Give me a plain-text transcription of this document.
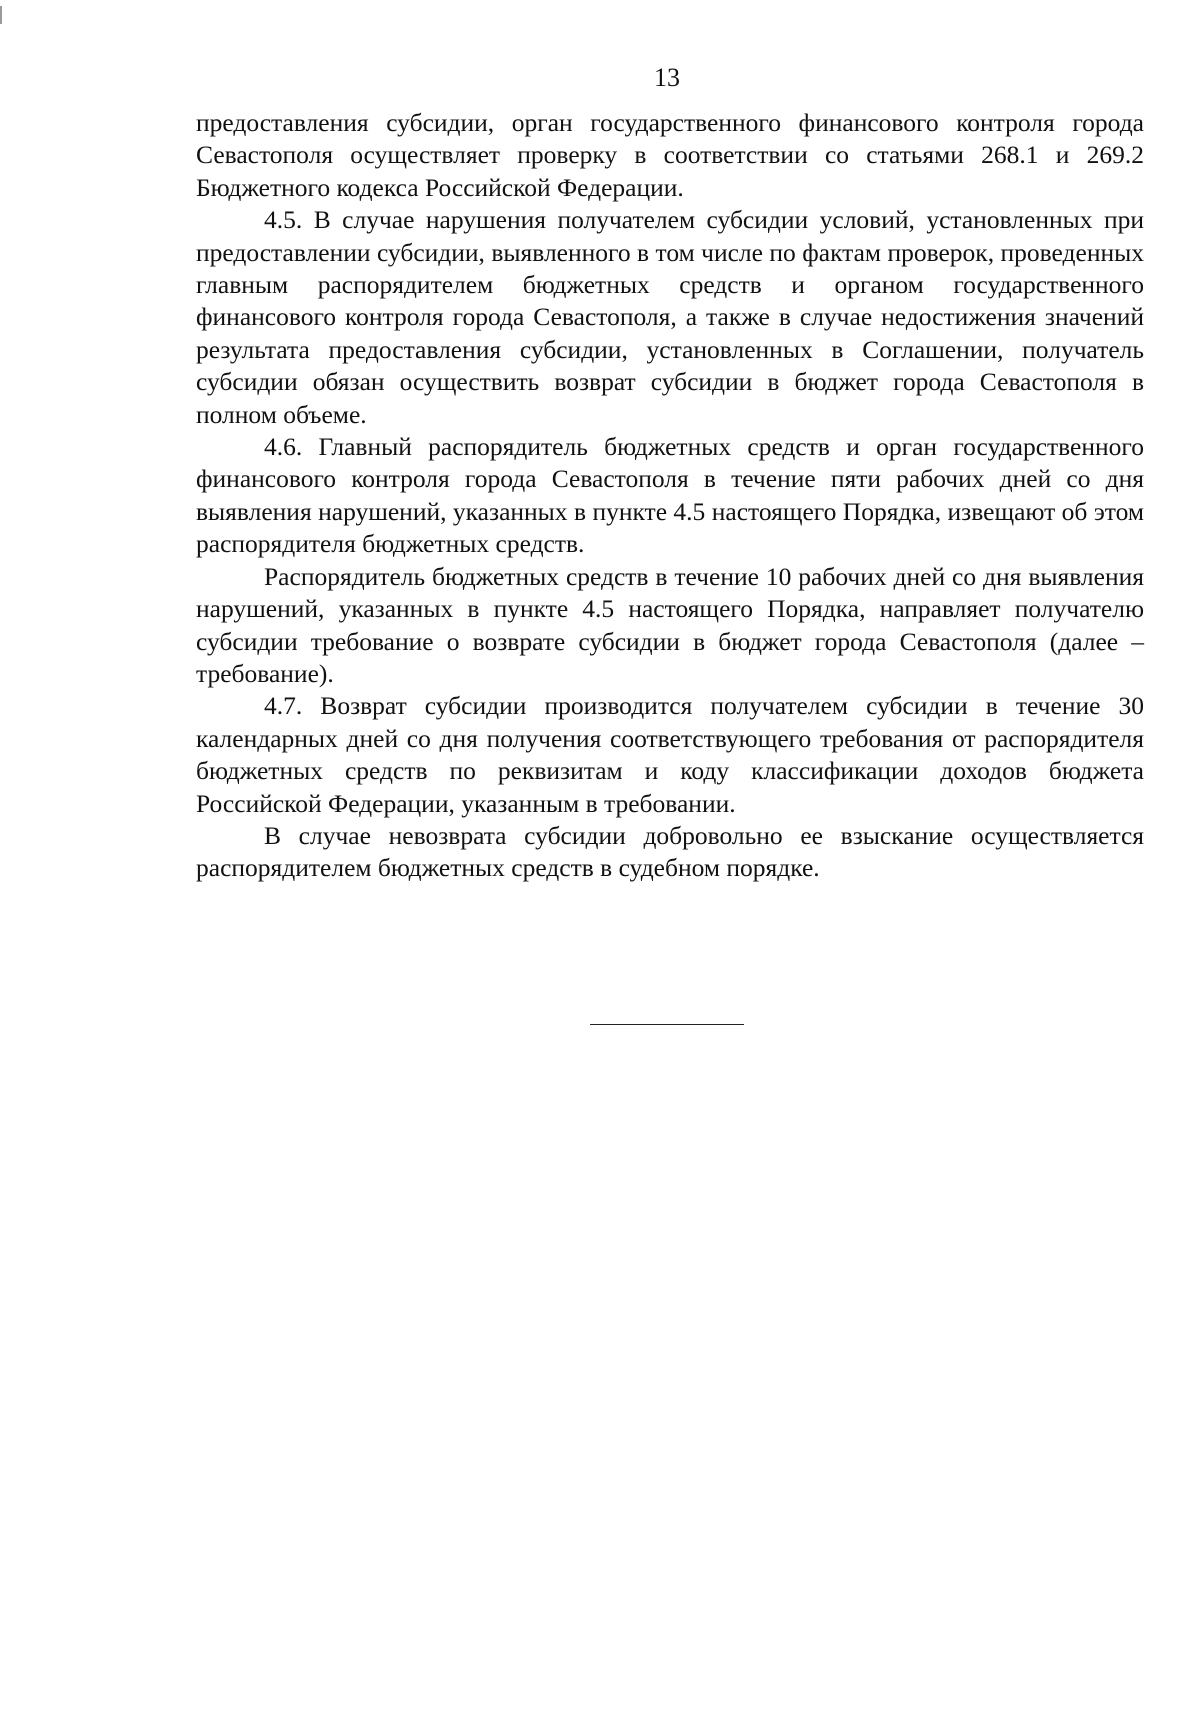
13

предоставления субсидии, орган государственного финансового контроля города Севастополя осуществляет проверку в соответствии со статьями 268.1 и 269.2 Бюджетного кодекса Российской Федерации.

4.5. В случае нарушения получателем субсидии условий, установленных при предоставлении субсидии, выявленного в том числе по фактам проверок, проведенных главным распорядителем бюджетных средств и органом государственного финансового контроля города Севастополя, а также в случае недостижения значений результата предоставления субсидии, установленных в Соглашении, получатель субсидии обязан осуществить возврат субсидии в бюджет города Севастополя в полном объеме.

4.6. Главный распорядитель бюджетных средств и орган государственного финансового контроля города Севастополя в течение пяти рабочих дней со дня выявления нарушений, указанных в пункте 4.5 настоящего Порядка, извещают об этом распорядителя бюджетных средств.

Распорядитель бюджетных средств в течение 10 рабочих дней со дня выявления нарушений, указанных в пункте 4.5 настоящего Порядка, направляет получателю субсидии требование о возврате субсидии в бюджет города Севастополя (далее – требование).

4.7. Возврат субсидии производится получателем субсидии в течение 30 календарных дней со дня получения соответствующего требования от распорядителя бюджетных средств по реквизитам и коду классификации доходов бюджета Российской Федерации, указанным в требовании.

В случае невозврата субсидии добровольно ее взыскание осуществляется распорядителем бюджетных средств в судебном порядке.
